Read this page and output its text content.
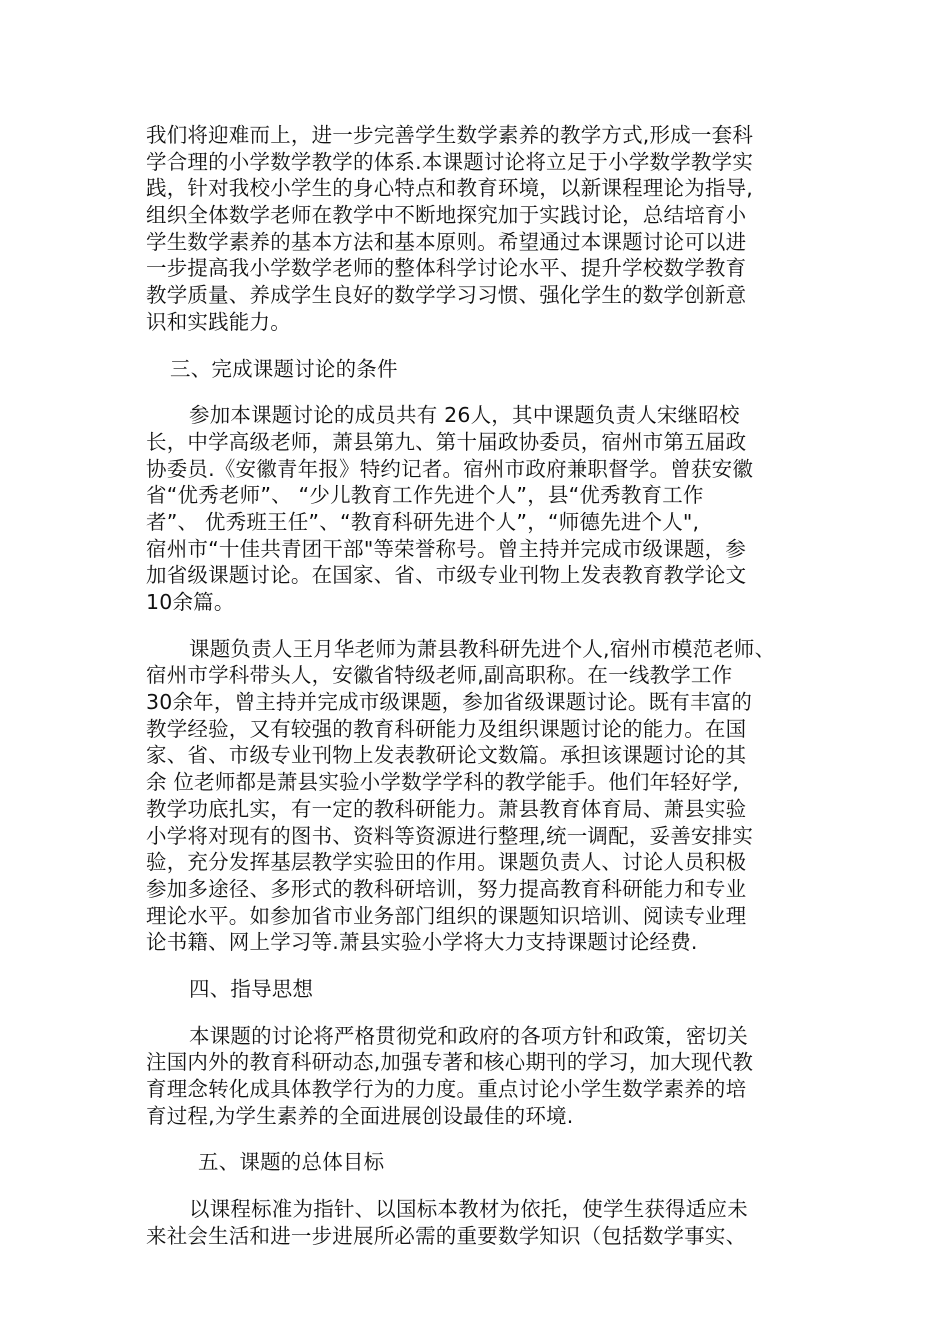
我们将迎难而上，进一步完善学生数学素养的教学方式,形成一套科
学合理的小学数学教学的体系.本课题讨论将立足于小学数学教学实
践，针对我校小学生的身心特点和教育环境，以新课程理论为指导,
组织全体数学老师在教学中不断地探究加于实践讨论，总结培育小
学生数学素养的基本方法和基本原则。希望通过本课题讨论可以进
一步提高我小学数学老师的整体科学讨论水平、提升学校数学教育
教学质量、养成学生良好的数学学习习惯、强化学生的数学创新意
识和实践能力。
三、完成课题讨论的条件
参加本课题讨论的成员共有 26人，其中课题负责人宋继昭校
长，中学高级老师，萧县第九、第十届政协委员，宿州市第五届政
协委员.《安徽青年报》特约记者。宿州市政府兼职督学。曾获安徽
省“优秀老师”、 “少儿教育工作先进个人”，县“优秀教育工作
者”、 优秀班王任”、“教育科研先进个人”，“师德先进个人",
宿州市“十佳共青团干部"等荣誉称号。曾主持并完成市级课题，参
加省级课题讨论。在国家、省、市级专业刊物上发表教育教学论文
10余篇。
课题负责人王月华老师为萧县教科研先进个人,宿州市模范老师、
宿州市学科带头人，安徽省特级老师,副高职称。在一线教学工作
30余年，曾主持并完成市级课题，参加省级课题讨论。既有丰富的
教学经验，又有较强的教育科研能力及组织课题讨论的能力。在国
家、省、市级专业刊物上发表教研论文数篇。承担该课题讨论的其
余 位老师都是萧县实验小学数学学科的教学能手。他们年轻好学,
教学功底扎实，有一定的教科研能力。萧县教育体育局、萧县实验
小学将对现有的图书、资料等资源进行整理,统一调配，妥善安排实
验，充分发挥基层教学实验田的作用。课题负责人、讨论人员积极
参加多途径、多形式的教科研培训，努力提高教育科研能力和专业
理论水平。如参加省市业务部门组织的课题知识培训、阅读专业理
论书籍、网上学习等.萧县实验小学将大力支持课题讨论经费.
四、指导思想
本课题的讨论将严格贯彻党和政府的各项方针和政策，密切关
注国内外的教育科研动态,加强专著和核心期刊的学习，加大现代教
育理念转化成具体教学行为的力度。重点讨论小学生数学素养的培
育过程,为学生素养的全面进展创设最佳的环境.
五、课题的总体目标
以课程标准为指针、以国标本教材为依托，使学生获得适应未
来社会生活和进一步进展所必需的重要数学知识（包括数学事实、
